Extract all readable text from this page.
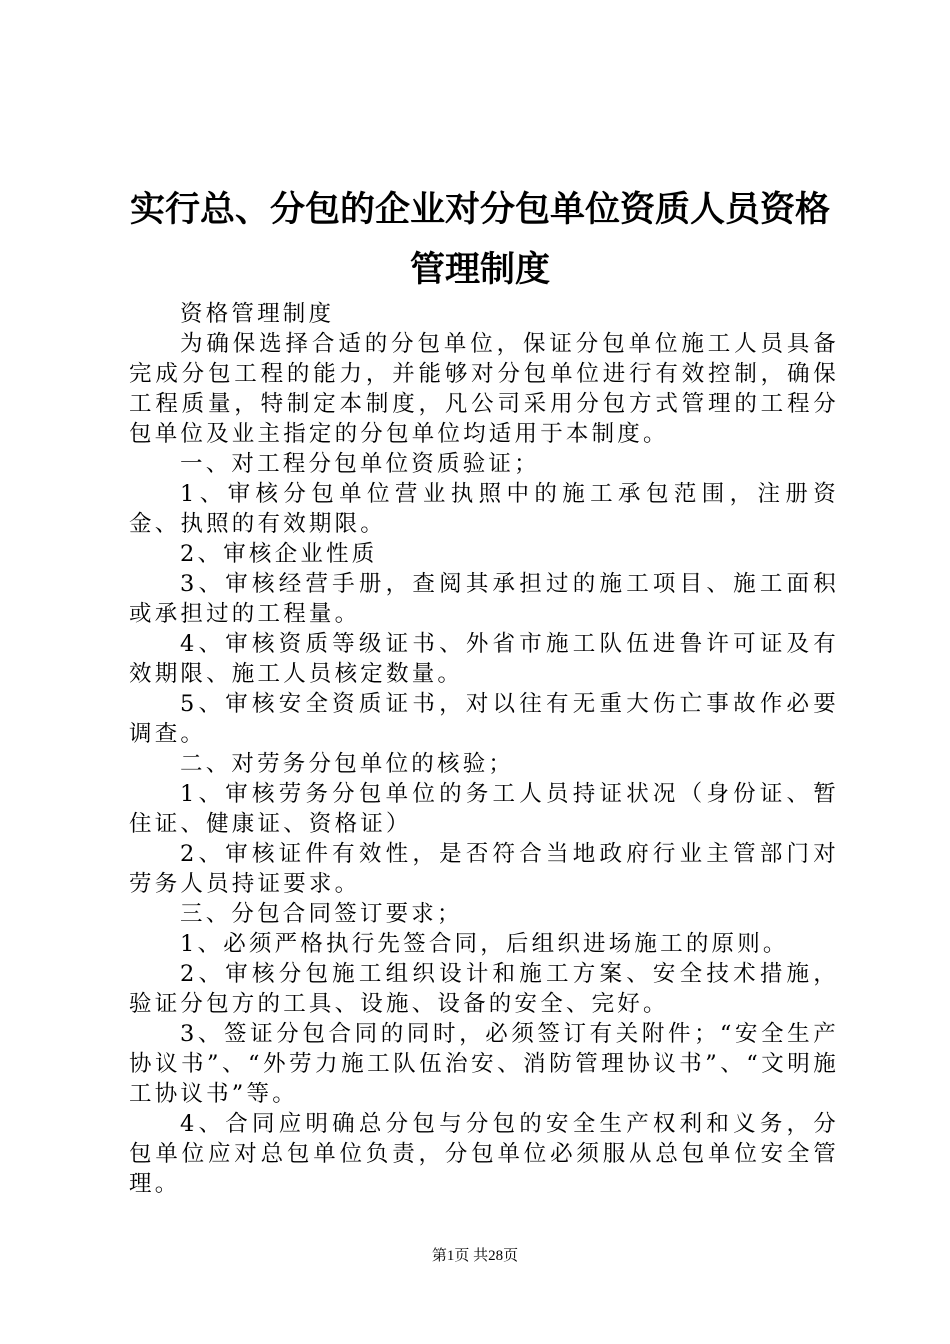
实行总、分包的企业对分包单位资质人员资格
管理制度

资格管理制度

为确保选择合适的分包单位，保证分包单位施工人员具备完成分包工程的能力，并能够对分包单位进行有效控制，确保工程质量，特制定本制度，凡公司采用分包方式管理的工程分包单位及业主指定的分包单位均适用于本制度。

一、对工程分包单位资质验证；

1、审核分包单位营业执照中的施工承包范围，注册资金、执照的有效期限。

2、审核企业性质

3、审核经营手册，查阅其承担过的施工项目、施工面积或承担过的工程量。

4、审核资质等级证书、外省市施工队伍进鲁许可证及有效期限、施工人员核定数量。

5、审核安全资质证书，对以往有无重大伤亡事故作必要调查。

二、对劳务分包单位的核验；

1、审核劳务分包单位的务工人员持证状况（身份证、暂住证、健康证、资格证）

2、审核证件有效性，是否符合当地政府行业主管部门对劳务人员持证要求。

三、分包合同签订要求；

1、必须严格执行先签合同，后组织进场施工的原则。

2、审核分包施工组织设计和施工方案、安全技术措施，验证分包方的工具、设施、设备的安全、完好。

3、签证分包合同的同时，必须签订有关附件；“安全生产协议书”、“外劳力施工队伍治安、消防管理协议书”、“文明施工协议书”等。

4、合同应明确总分包与分包的安全生产权利和义务，分包单位应对总包单位负责，分包单位必须服从总包单位安全管理。

第1页 共28页
